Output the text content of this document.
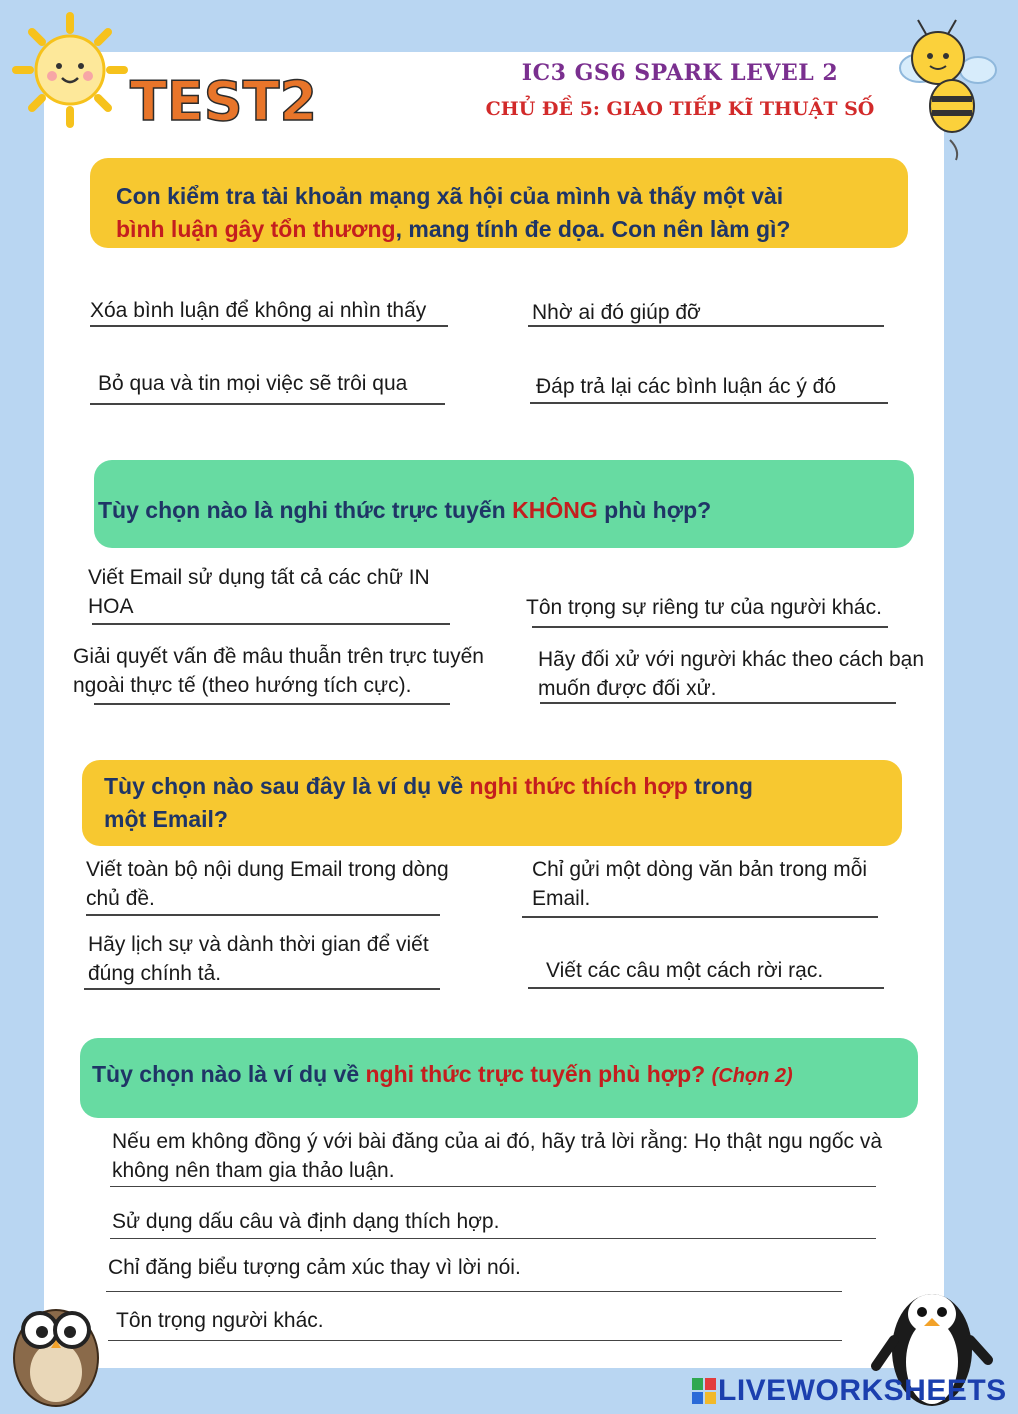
TEST2	IC3 GS6 SPARK LEVEL 2
CHỦ ĐỀ 5: GIAO TIẾP KĨ THUẬT SỐ
Con kiểm tra tài khoản mạng xã hội của mình và thấy một vài
bình luận gây tổn thương, mang tính đe dọa. Con nên làm gì?
Xóa bình luận để không ai nhìn thấy	Nhờ ai đó giúp đỡ
Bỏ qua và tin mọi việc sẽ trôi qua	Đáp trả lại các bình luận ác ý đó
Tùy chọn nào là nghi thức trực tuyến KHÔNG phù hợp?
Viết Email sử dụng tất cả các chữ IN HOA	Tôn trọng sự riêng tư của người khác.
Giải quyết vấn đề mâu thuẫn trên trực tuyến ngoài thực tế (theo hướng tích cực).
Hãy đối xử với người khác theo cách bạn muốn được đối xử.
Tùy chọn nào sau đây là ví dụ về nghi thức thích hợp trong
một Email?
Viết toàn bộ nội dung Email trong dòng chủ đề.
Chỉ gửi một dòng văn bản trong mỗi Email.
Hãy lịch sự và dành thời gian để viết đúng chính tả.	Viết các câu một cách rời rạc.
Tùy chọn nào là ví dụ về nghi thức trực tuyến phù hợp? (Chọn 2)
Nếu em không đồng ý với bài đăng của ai đó, hãy trả lời rằng: Họ thật ngu ngốc và không nên tham gia thảo luận.
Sử dụng dấu câu và định dạng thích hợp.
Chỉ đăng biểu tượng cảm xúc thay vì lời nói.
Tôn trọng người khác.
LIVEWORKSHEETS
